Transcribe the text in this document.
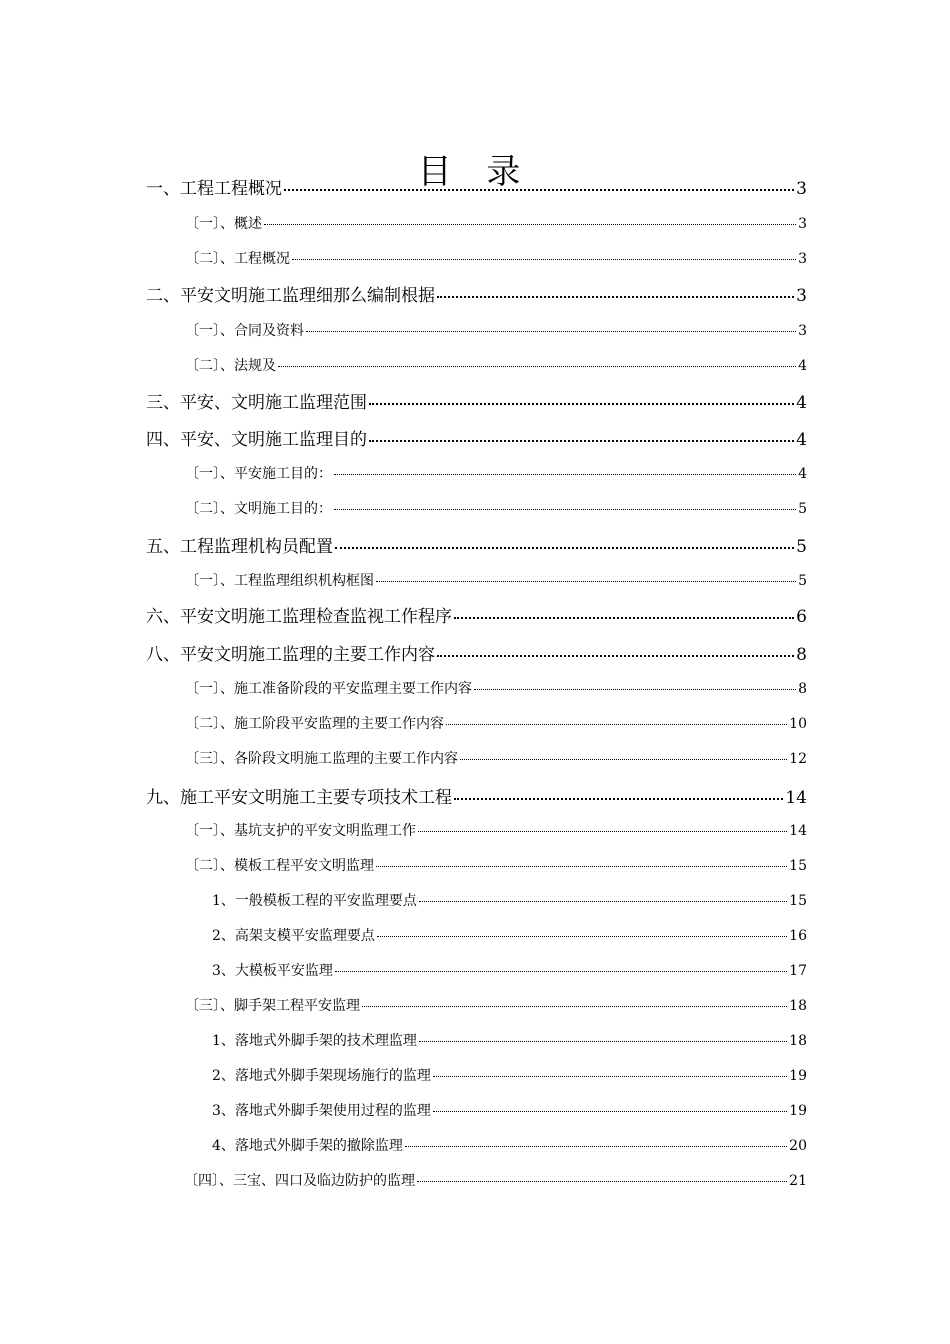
目 录
一、工程工程概况	3
〔一〕、概述	3
〔二〕、工程概况	3
二、平安文明施工监理细那么编制根据	3
〔一〕、合同及资料	3
〔二〕、法规及	4
三、平安、文明施工监理范围	4
四、平安、文明施工监理目的	4
〔一〕、平安施工目的：	4
〔二〕、文明施工目的：	5
五、工程监理机构员配置	5
〔一〕、工程监理组织机构框图	5
六、平安文明施工监理检查监视工作程序	6
八、平安文明施工监理的主要工作内容	8
〔一〕、施工准备阶段的平安监理主要工作内容	8
〔二〕、施工阶段平安监理的主要工作内容	10
〔三〕、各阶段文明施工监理的主要工作内容	12
九、施工平安文明施工主要专项技术工程	14
〔一〕、基坑支护的平安文明监理工作	14
〔二〕、模板工程平安文明监理	15
1、一般模板工程的平安监理要点	15
2、高架支模平安监理要点	16
3、大模板平安监理	17
〔三〕、脚手架工程平安监理	18
1、落地式外脚手架的技术理监理	18
2、落地式外脚手架现场施行的监理	19
3、落地式外脚手架使用过程的监理	19
4、落地式外脚手架的撤除监理	20
〔四〕、三宝、四口及临边防护的监理	21
